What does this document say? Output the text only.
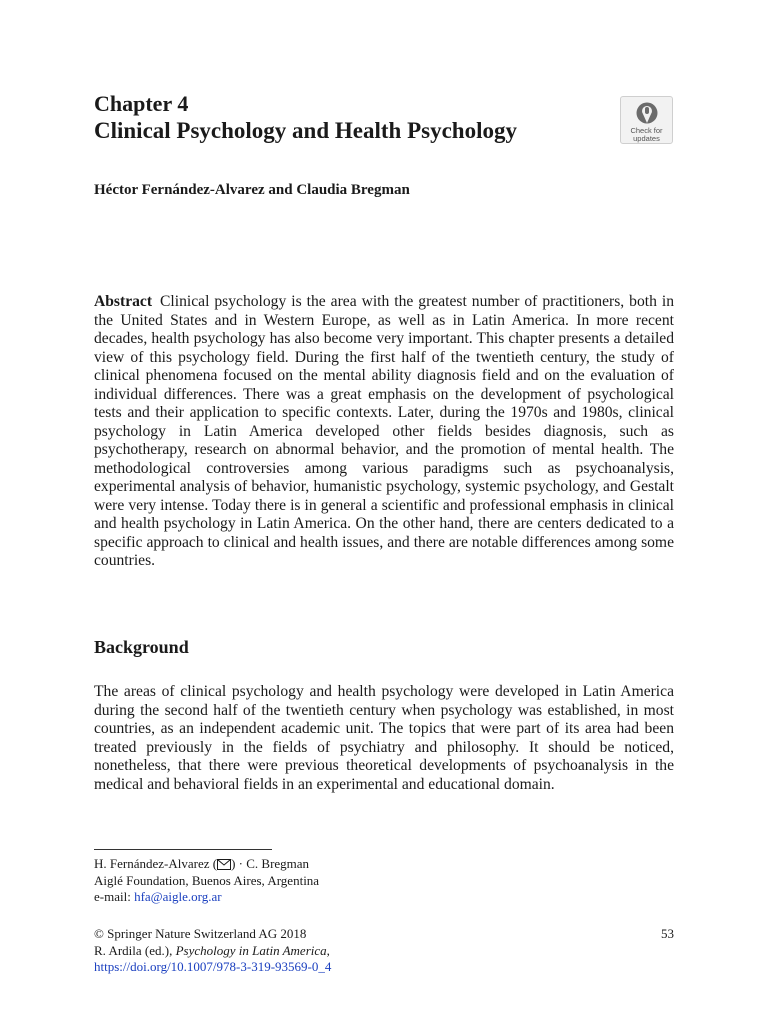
Chapter 4
Clinical Psychology and Health Psychology	Check for
updates
Héctor Fernández-Alvarez and Claudia Bregman
Abstract Clinical psychology is the area with the greatest number of practitioners, both in the United States and in Western Europe, as well as in Latin America. In more recent decades, health psychology has also become very important. This chapter presents a detailed view of this psychology field. During the first half of the twentieth century, the study of clinical phenomena focused on the mental ability diagnosis field and on the evaluation of individual differences. There was a great emphasis on the development of psychological tests and their application to specific contexts. Later, during the 1970s and 1980s, clinical psychology in Latin America developed other fields besides diagnosis, such as psychotherapy, research on abnormal behavior, and the promotion of mental health. The methodological controversies among various paradigms such as psychoanalysis, experimental analysis of behavior, humanistic psychology, systemic psychology, and Gestalt were very intense. Today there is in general a scientific and professional emphasis in clinical and health psychology in Latin America. On the other hand, there are centers dedicated to a specific approach to clinical and health issues, and there are notable differences among some countries.
Background
The areas of clinical psychology and health psychology were developed in Latin America during the second half of the twentieth century when psychology was established, in most countries, as an independent academic unit. The topics that were part of its area had been treated previously in the fields of psychiatry and philosophy. It should be noticed, nonetheless, that there were previous theoretical developments of psychoanalysis in the medical and behavioral fields in an experimental and educational domain.
H. Fernández-Alvarez ( ) · C. Bregman
Aiglé Foundation, Buenos Aires, Argentina
e-mail: hfa@aigle.org.ar
© Springer Nature Switzerland AG 2018
R. Ardila (ed.), Psychology in Latin America,
https://doi.org/10.1007/978-3-319-93569-0_4
53
